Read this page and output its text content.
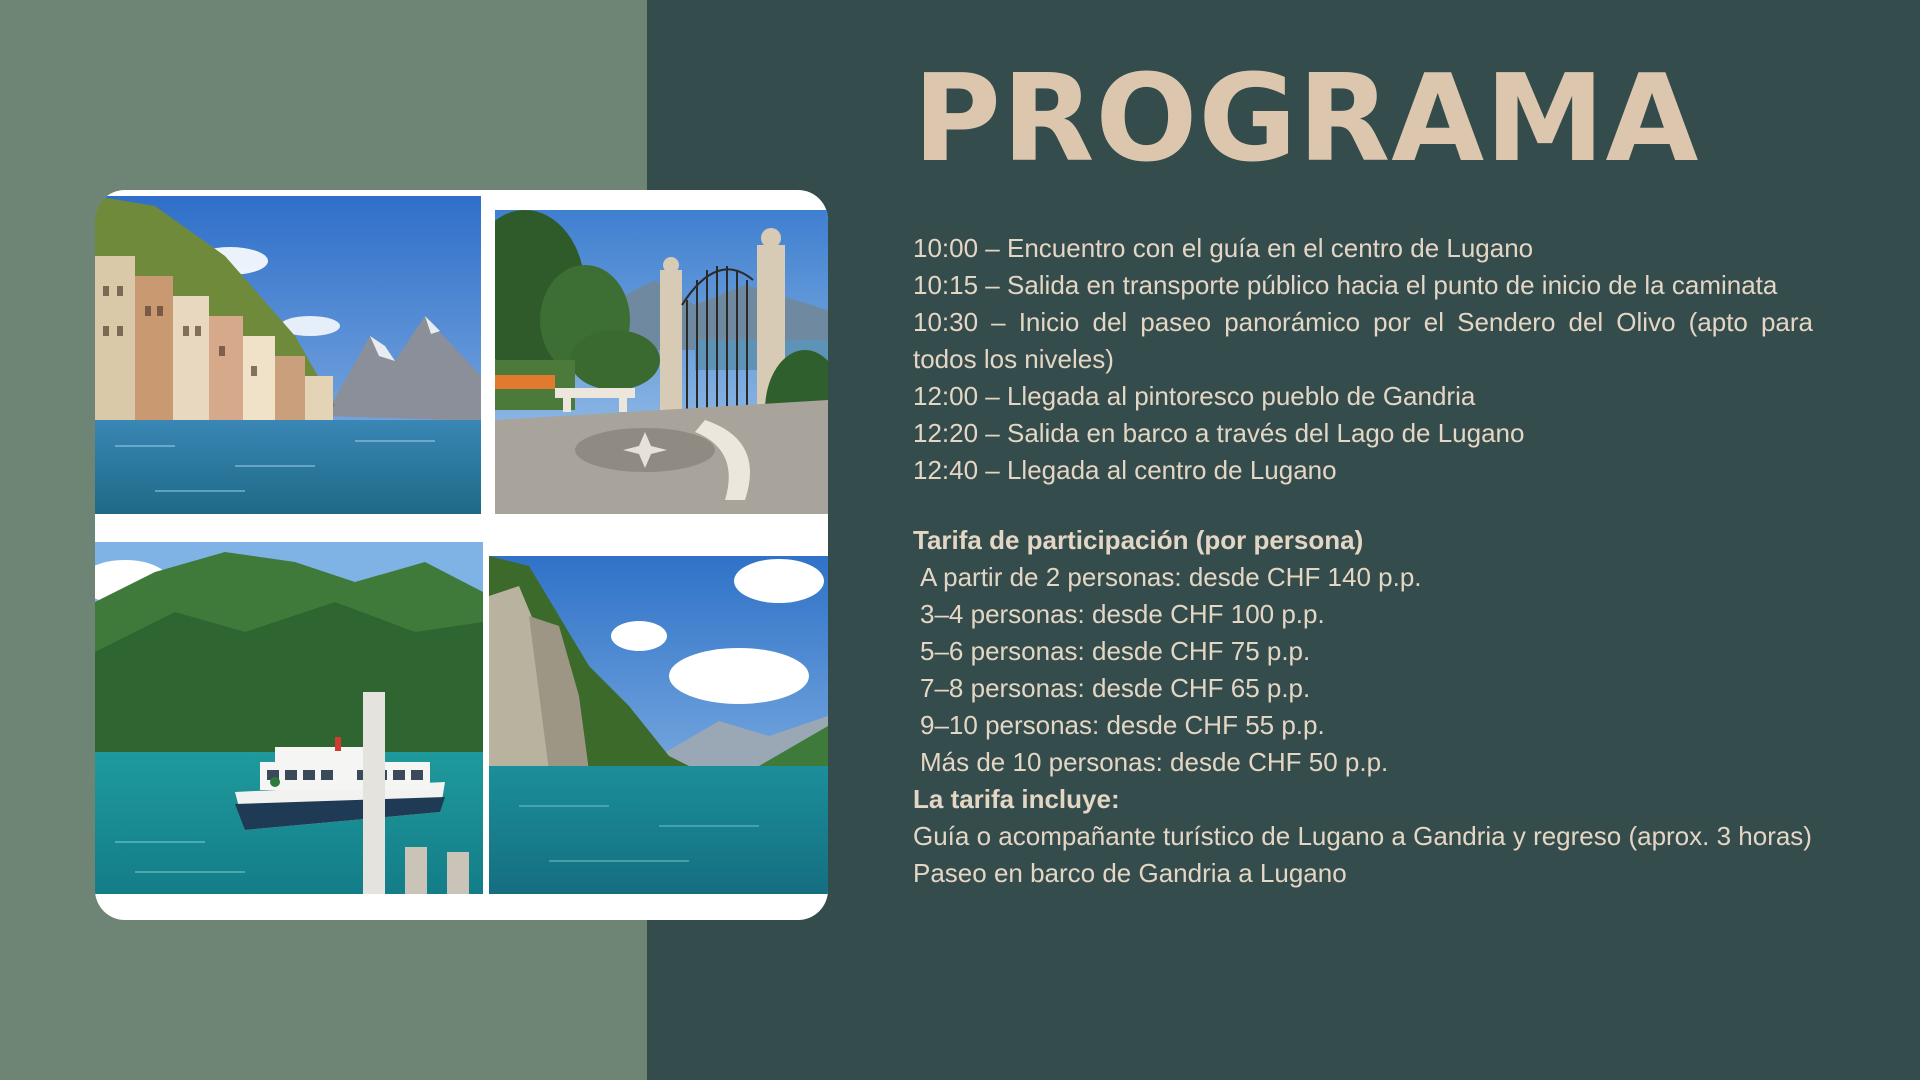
PROGRAMA

10:00 – Encuentro con el guía en el centro de Lugano

10:15 – Salida en transporte público hacia el punto de inicio de la caminata

10:30 – Inicio del paseo panorámico por el Sendero del Olivo (apto para todos los niveles)

12:00 – Llegada al pintoresco pueblo de Gandria

12:20 – Salida en barco a través del Lago de Lugano

12:40 – Llegada al centro de Lugano

Tarifa de participación (por persona)

A partir de 2 personas: desde CHF 140 p.p.

3–4 personas: desde CHF 100 p.p.

5–6 personas: desde CHF 75 p.p.

7–8 personas: desde CHF 65 p.p.

9–10 personas: desde CHF 55 p.p.

Más de 10 personas: desde CHF 50 p.p.

La tarifa incluye:

Guía o acompañante turístico de Lugano a Gandria y regreso (aprox. 3 horas)

Paseo en barco de Gandria a Lugano
